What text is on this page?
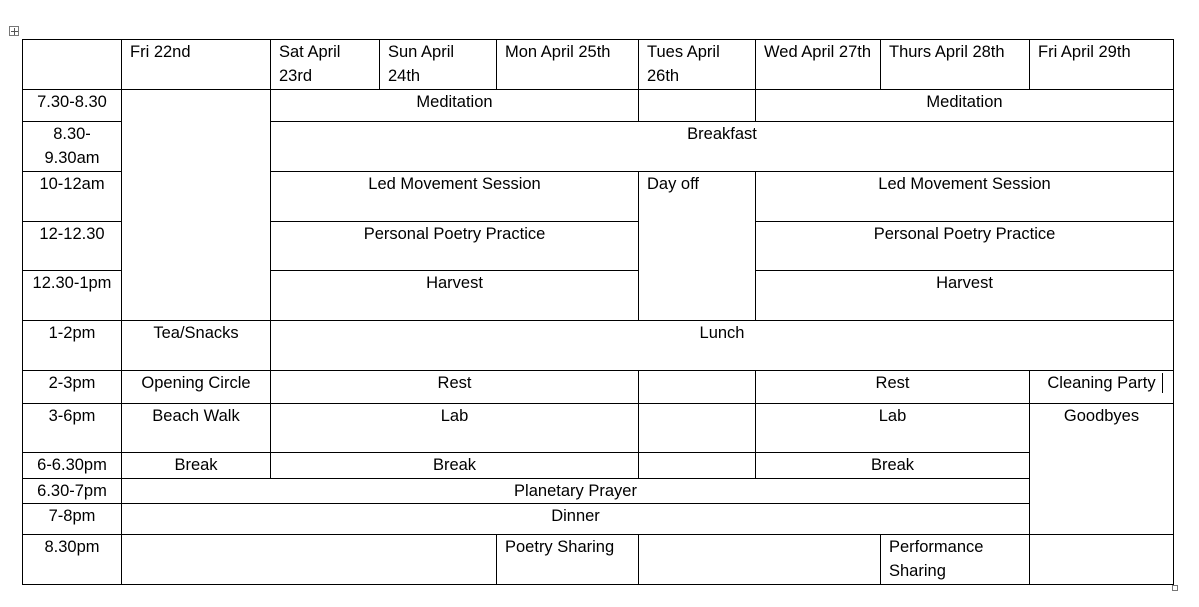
	Fri 22nd	Sat April 23rd	Sun April 24th	Mon April 25th	Tues April 26th	Wed April 27th	Thurs April 28th	Fri April 29th
7.30-8.30		Meditation				Meditation		
8.30-9.30am		Breakfast						
10-12am		Led Movement Session			Day off	Led Movement Session		
12-12.30		Personal Poetry Practice				Personal Poetry Practice		
12.30-1pm		Harvest				Harvest		
1-2pm	Tea/Snacks	Lunch						
2-3pm	Opening Circle	Rest				Rest		Cleaning Party

3-6pm	Beach Walk	Lab				Lab		Goodbyes
6-6.30pm	Break	Break				Break		
6.30-7pm	Planetary Prayer							
7-8pm	Dinner							
8.30pm				Poetry Sharing			Performance Sharing	
